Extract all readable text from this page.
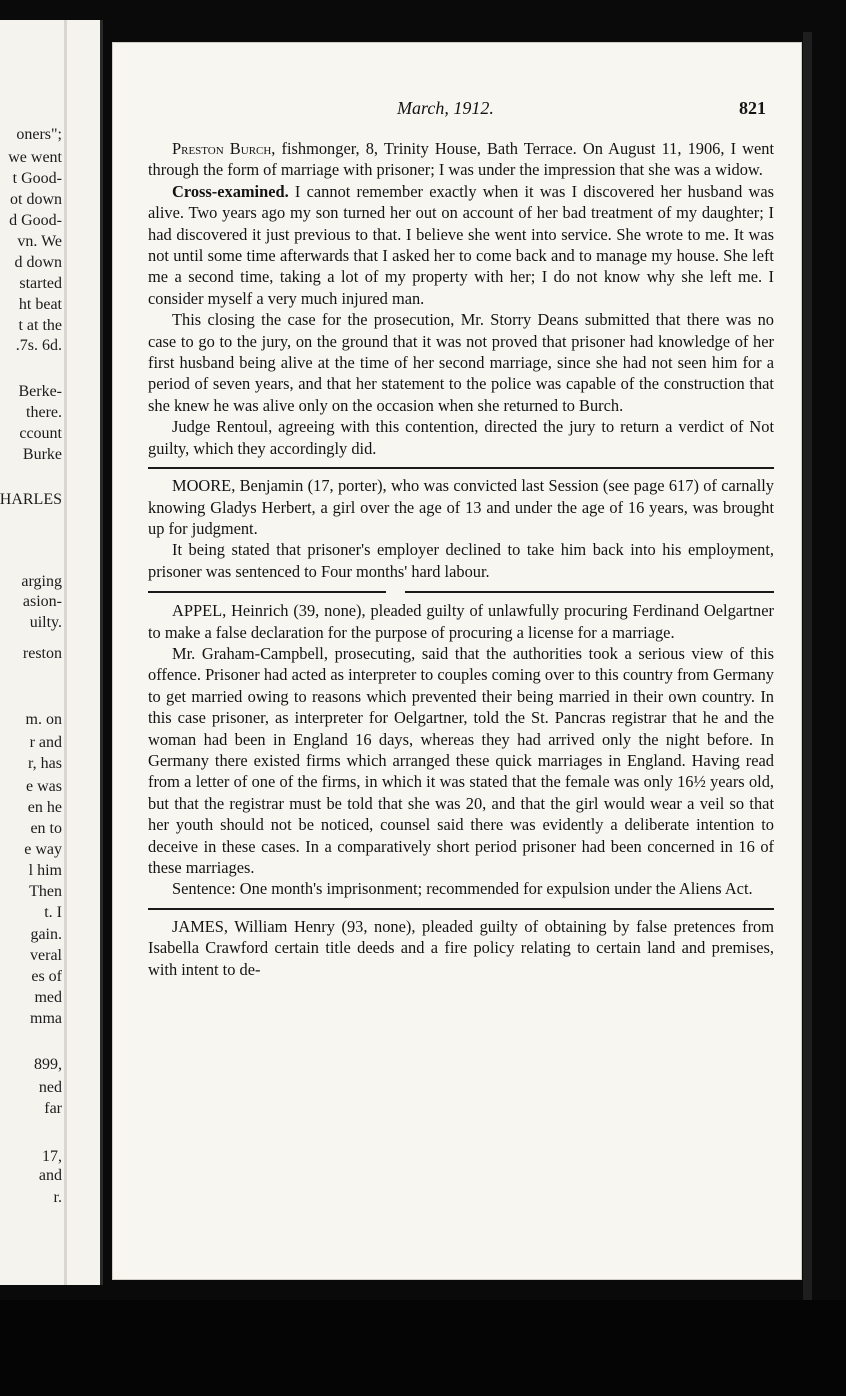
oners";
we went
t Good-
ot down
d Good-
vn. We
d down
started
ht beat
t at the
.7s. 6d.
Berke-
there.
ccount
Burke
HARLES
arging
asion-
uilty.
reston
m. on
r and
r, has
e was
en he
en to
e way
l him
Then
t. I
gain.
veral
es of
med
mma
899,
ned
far
17,
and
r.
March, 1912.	821

Preston Burch, fishmonger, 8, Trinity House, Bath Terrace. On August 11, 1906, I went through the form of marriage with prisoner; I was under the impression that she was a widow.

Cross-examined. I cannot remember exactly when it was I discovered her husband was alive. Two years ago my son turned her out on account of her bad treatment of my daughter; I had discovered it just previous to that. I believe she went into service. She wrote to me. It was not until some time afterwards that I asked her to come back and to manage my house. She left me a second time, taking a lot of my property with her; I do not know why she left me. I consider myself a very much injured man.

This closing the case for the prosecution, Mr. Storry Deans submitted that there was no case to go to the jury, on the ground that it was not proved that prisoner had knowledge of her first husband being alive at the time of her second marriage, since she had not seen him for a period of seven years, and that her statement to the police was capable of the construction that she knew he was alive only on the occasion when she returned to Burch.

Judge Rentoul, agreeing with this contention, directed the jury to return a verdict of Not guilty, which they accordingly did.

MOORE, Benjamin (17, porter), who was convicted last Session (see page 617) of carnally knowing Gladys Herbert, a girl over the age of 13 and under the age of 16 years, was brought up for judgment.

It being stated that prisoner's employer declined to take him back into his employment, prisoner was sentenced to Four months' hard labour.

APPEL, Heinrich (39, none), pleaded guilty of unlawfully procuring Ferdinand Oelgartner to make a false declaration for the purpose of procuring a license for a marriage.

Mr. Graham-Campbell, prosecuting, said that the authorities took a serious view of this offence. Prisoner had acted as interpreter to couples coming over to this country from Germany to get married owing to reasons which prevented their being married in their own country. In this case prisoner, as interpreter for Oelgartner, told the St. Pancras registrar that he and the woman had been in England 16 days, whereas they had arrived only the night before. In Germany there existed firms which arranged these quick marriages in England. Having read from a letter of one of the firms, in which it was stated that the female was only 16½ years old, but that the registrar must be told that she was 20, and that the girl would wear a veil so that her youth should not be noticed, counsel said there was evidently a deliberate intention to deceive in these cases. In a comparatively short period prisoner had been concerned in 16 of these marriages.

Sentence: One month's imprisonment; recommended for expulsion under the Aliens Act.

JAMES, William Henry (93, none), pleaded guilty of obtaining by false pretences from Isabella Crawford certain title deeds and a fire policy relating to certain land and premises, with intent to de-
